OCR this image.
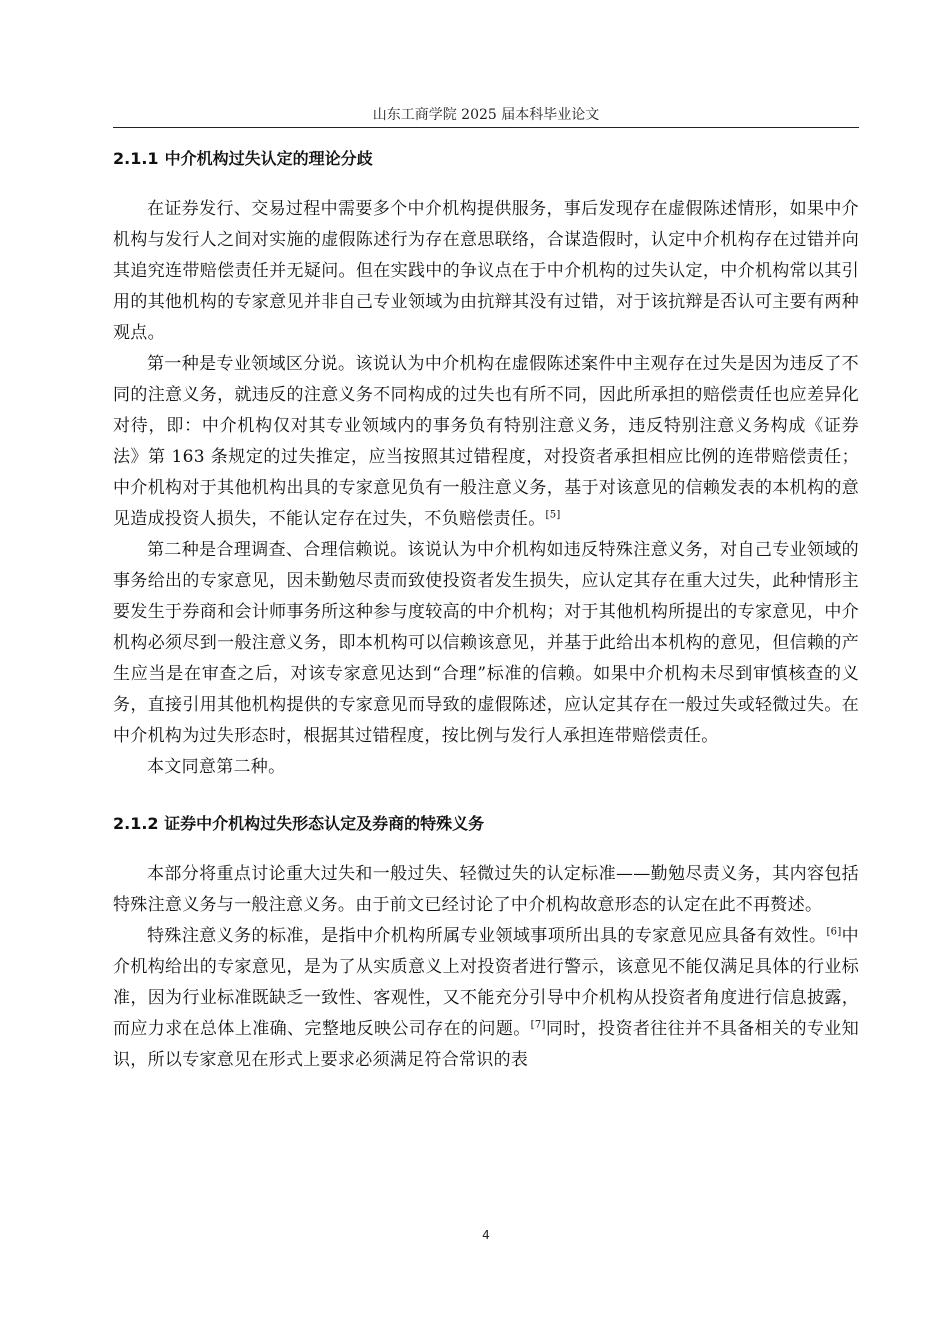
山东工商学院 2025 届本科毕业论文
2.1.1 中介机构过失认定的理论分歧

在证券发行、交易过程中需要多个中介机构提供服务，事后发现存在虚假陈述情形，如果中介机构与发行人之间对实施的虚假陈述行为存在意思联络，合谋造假时，认定中介机构存在过错并向其追究连带赔偿责任并无疑问。但在实践中的争议点在于中介机构的过失认定，中介机构常以其引用的其他机构的专家意见并非自己专业领域为由抗辩其没有过错，对于该抗辩是否认可主要有两种观点。

第一种是专业领域区分说。该说认为中介机构在虚假陈述案件中主观存在过失是因为违反了不同的注意义务，就违反的注意义务不同构成的过失也有所不同，因此所承担的赔偿责任也应差异化对待，即：中介机构仅对其专业领域内的事务负有特别注意义务，违反特别注意义务构成《证券法》第 163 条规定的过失推定，应当按照其过错程度，对投资者承担相应比例的连带赔偿责任；中介机构对于其他机构出具的专家意见负有一般注意义务，基于对该意见的信赖发表的本机构的意见造成投资人损失，不能认定存在过失，不负赔偿责任。[5]

第二种是合理调查、合理信赖说。该说认为中介机构如违反特殊注意义务，对自己专业领域的事务给出的专家意见，因未勤勉尽责而致使投资者发生损失，应认定其存在重大过失，此种情形主要发生于券商和会计师事务所这种参与度较高的中介机构；对于其他机构所提出的专家意见，中介机构必须尽到一般注意义务，即本机构可以信赖该意见，并基于此给出本机构的意见，但信赖的产生应当是在审查之后，对该专家意见达到“合理”标准的信赖。如果中介机构未尽到审慎核查的义务，直接引用其他机构提供的专家意见而导致的虚假陈述，应认定其存在一般过失或轻微过失。在中介机构为过失形态时，根据其过错程度，按比例与发行人承担连带赔偿责任。

本文同意第二种。

2.1.2 证券中介机构过失形态认定及券商的特殊义务

本部分将重点讨论重大过失和一般过失、轻微过失的认定标准——勤勉尽责义务，其内容包括特殊注意义务与一般注意义务。由于前文已经讨论了中介机构故意形态的认定在此不再赘述。

特殊注意义务的标准，是指中介机构所属专业领域事项所出具的专家意见应具备有效性。[6]中介机构给出的专家意见，是为了从实质意义上对投资者进行警示，该意见不能仅满足具体的行业标准，因为行业标准既缺乏一致性、客观性，又不能充分引导中介机构从投资者角度进行信息披露，而应力求在总体上准确、完整地反映公司存在的问题。[7]同时，投资者往往并不具备相关的专业知识，所以专家意见在形式上要求必须满足符合常识的表

4
